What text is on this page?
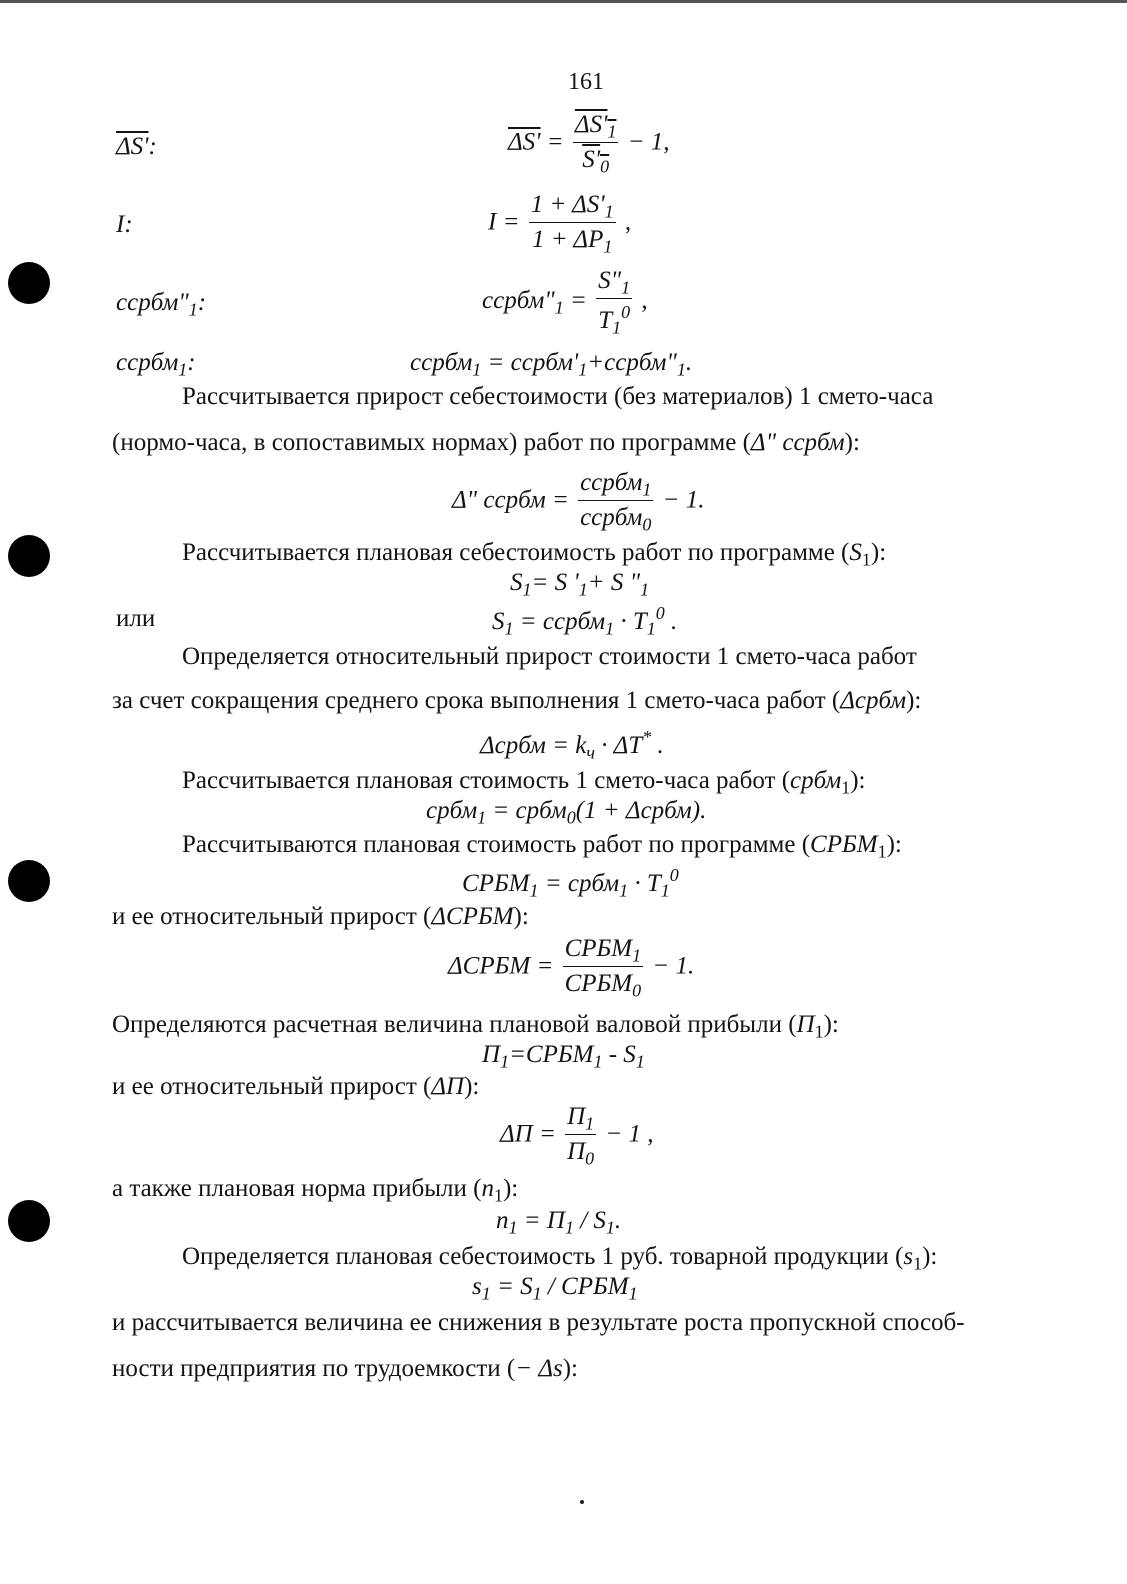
161
ΔS':	$\Delta S' = \frac{\Delta S'_1}{S'_0} - 1$,
I:	$I = \frac{1 + \Delta S'_1}{1 + \Delta P_1}$ ,
$ссрбм"_1$:	$ссрбм"_1 = \frac{S"_1}{T_1^0}$ ,
ссрбм$_1$:	ссрбм$_1$ = $ссрбм'_1+ссрбм"_1$.
Рассчитывается прирост себестоимости (без материалов) 1 смето-часа
(нормо-часа, в сопоставимых нормах) работ по программе (Δ" ссрбм):
Δ" ссрбм = $\frac{ссрбм_1}{ссрбм_0} - 1$.
Рассчитывается плановая себестоимость работ по программе $(S_1)$:
$S_1= S$ '$_1+ S$ "$_1$
или	$S_1$ = ссрбм$_1$ · $T_1^0$ .
Определяется относительный прирост стоимости 1 смето-часа работ
за счет сокращения среднего срока выполнения 1 смето-часа работ (Δсрбм):
Δсрбм = $k_ч \cdot \Delta T^*$ .
Рассчитывается плановая стоимость 1 смето-часа работ (србм$_1$):
србм$_1$ = србм$_0$(1 + Δсрбм).
Рассчитываются плановая стоимость работ по программе $(СРБМ_1)$:
$СРБМ_1$ = србм$_1$ · $T_1^0$
и ее относительный прирост (ΔСРБМ):
ΔСРБМ = $\frac{СРБМ_1}{СРБМ_0} - 1$.
Определяются расчетная величина плановой валовой прибыли $(П_1)$:
$П_1=СРБМ_1 - S_1$
и ее относительный прирост (ΔП):
$\Delta П = \frac{П_1}{П_0} - 1$ ,
а также плановая норма прибыли $(n_1)$:
$n_1 = П_1 / S_1$.
Определяется плановая себестоимость 1 руб. товарной продукции $(s_1)$:
$s_1 = S_1$ / $СРБМ_1$
и рассчитывается величина ее снижения в результате роста пропускной способ-
ности предприятия по трудоемкости (− Δs):
